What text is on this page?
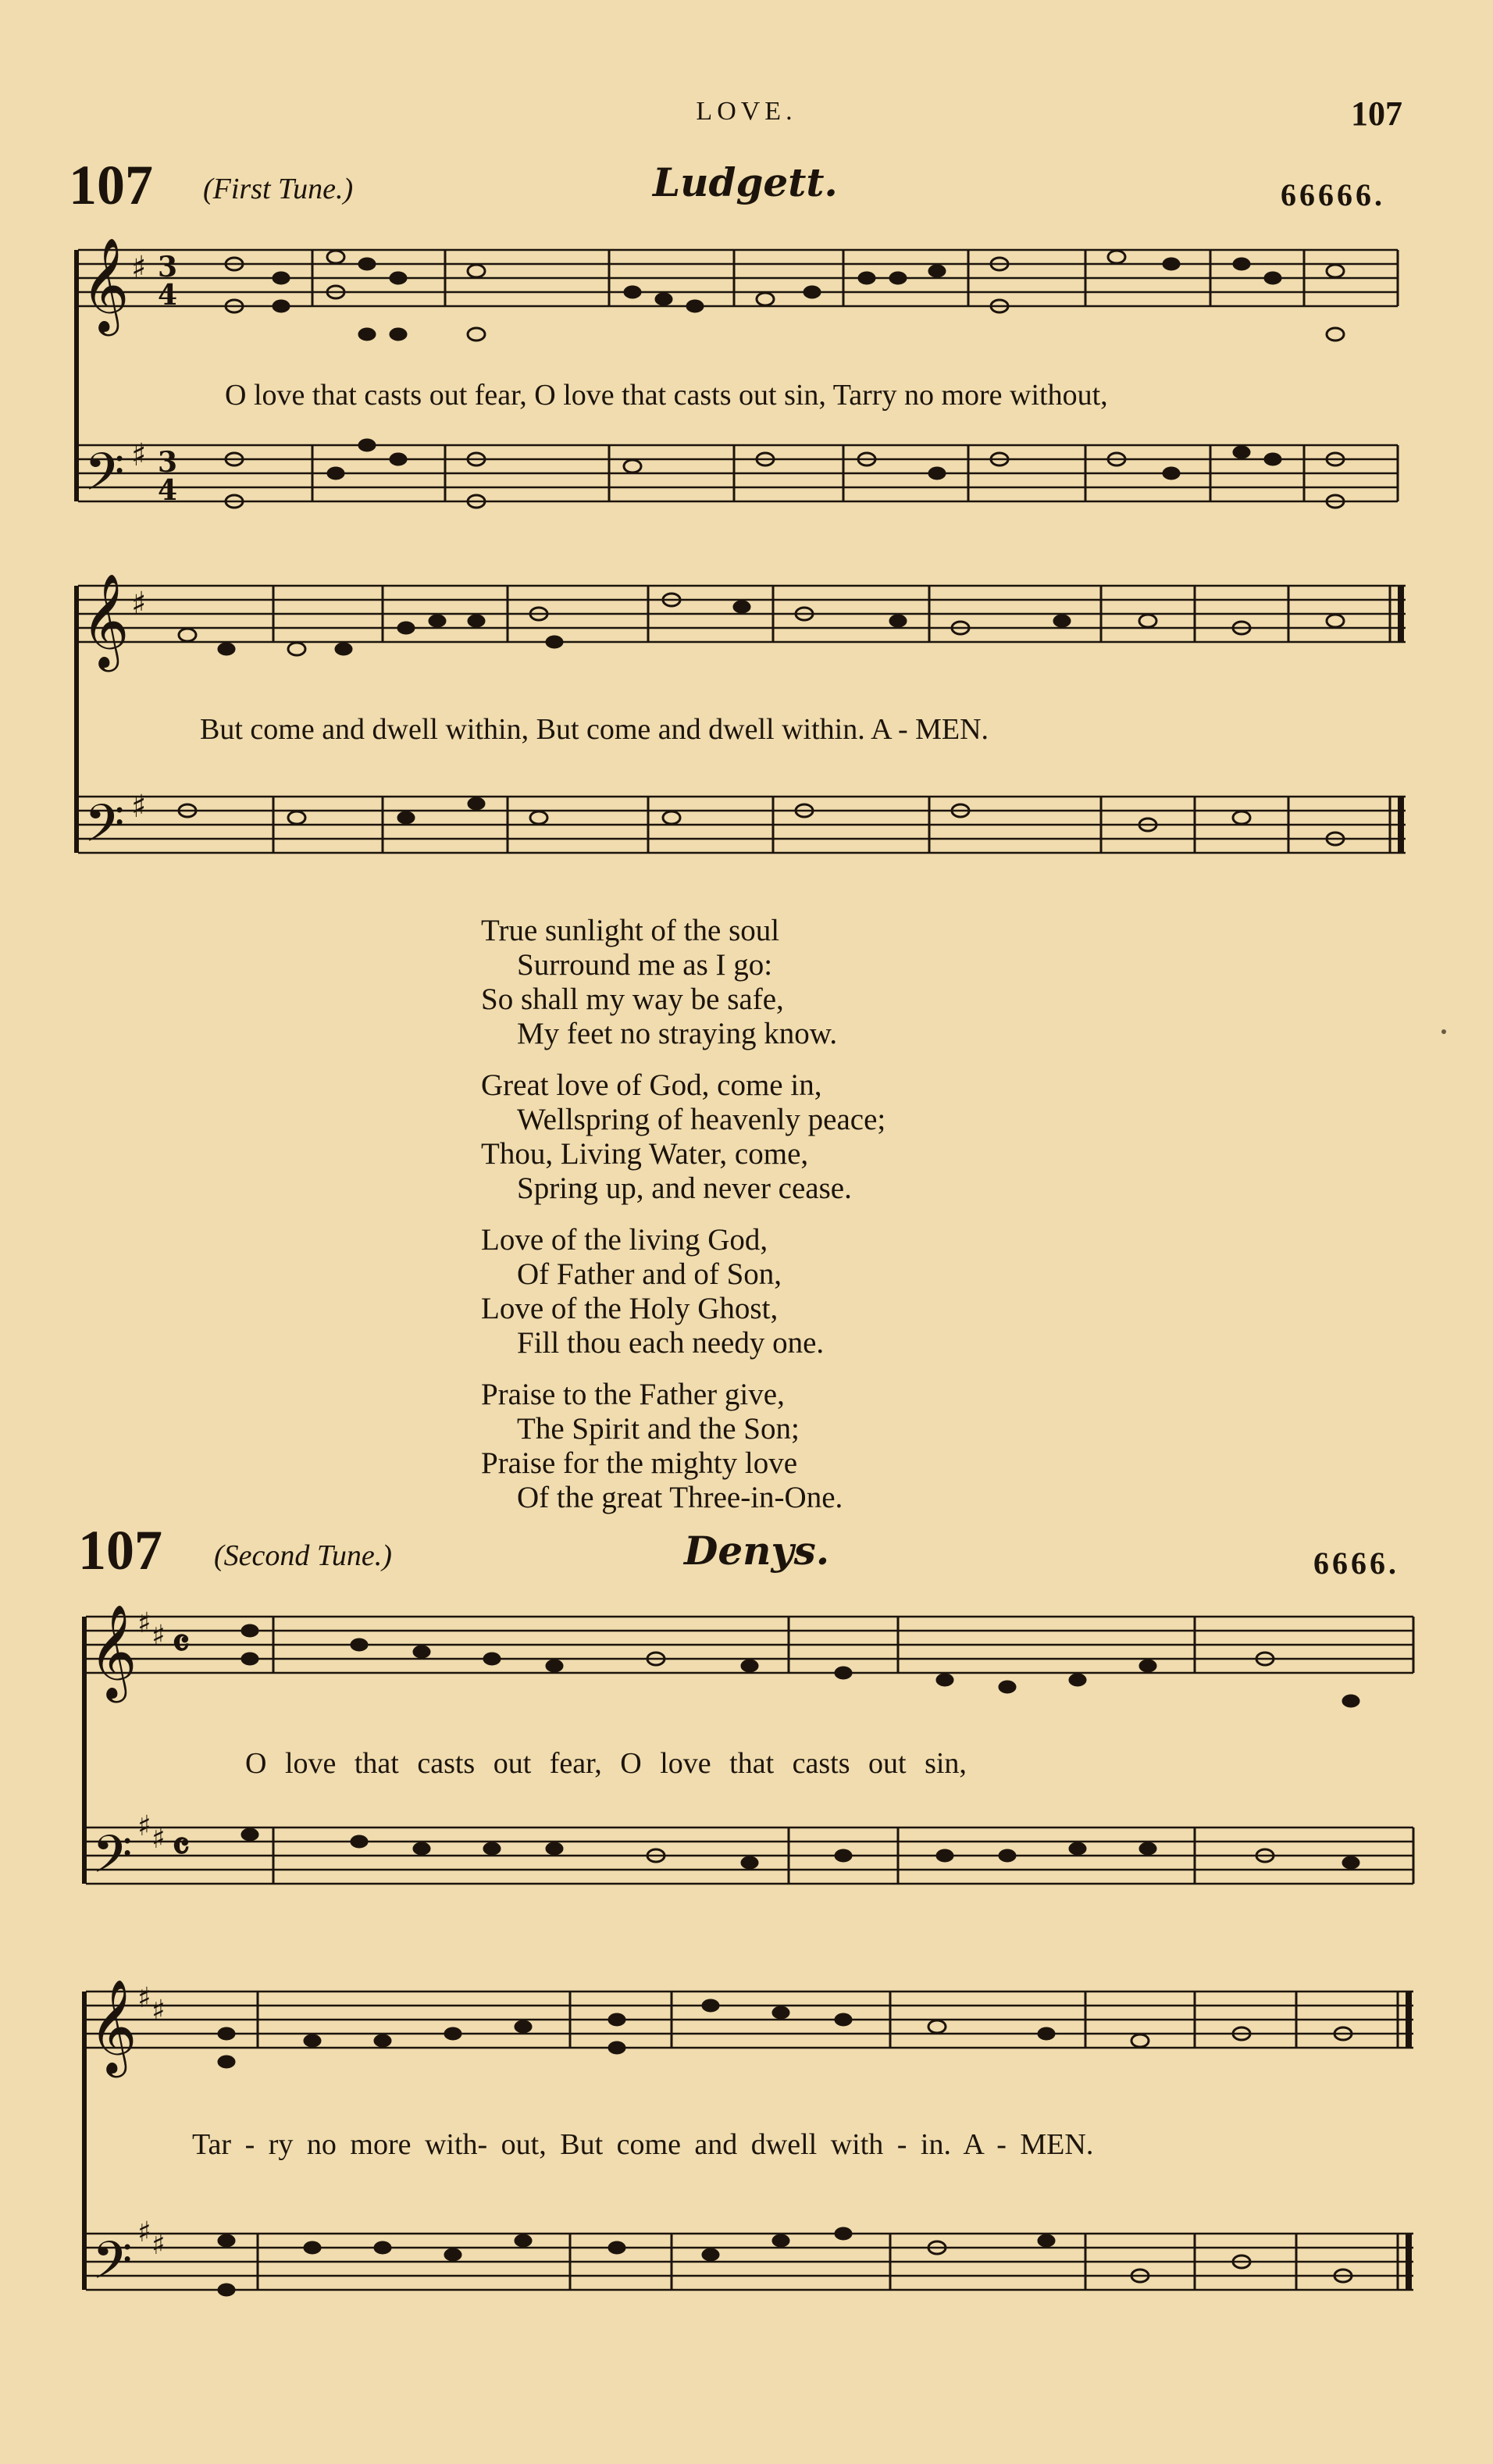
LOVE.	107
107 (First Tune.)	Ludgett.	66666.
𝄞
𝄢
♯
♯
3
4
3
4
O love that casts out fear, O love that casts out sin, Tarry no more without,
𝄞
𝄢
♯
♯
But come and dwell within, But come and dwell within. A - MEN.
True sunlight of the soul
Surround me as I go:
So shall my way be safe,
My feet no straying know.
Great love of God, come in,
Wellspring of heavenly peace;
Thou, Living Water, come,
Spring up, and never cease.
Love of the living God,
Of Father and of Son,
Love of the Holy Ghost,
Fill thou each needy one.
Praise to the Father give,
The Spirit and the Son;
Praise for the mighty love
Of the great Three-in-One.
107 (Second Tune.)	Denys.	6666.
𝄞
𝄢
♯ ♯
♯ ♯
𝄴
𝄴
O love that casts out fear, O love that casts out sin,
𝄞
𝄢
♯ ♯
♯ ♯
Tar - ry no more with- out, But come and dwell with - in. A - MEN.
